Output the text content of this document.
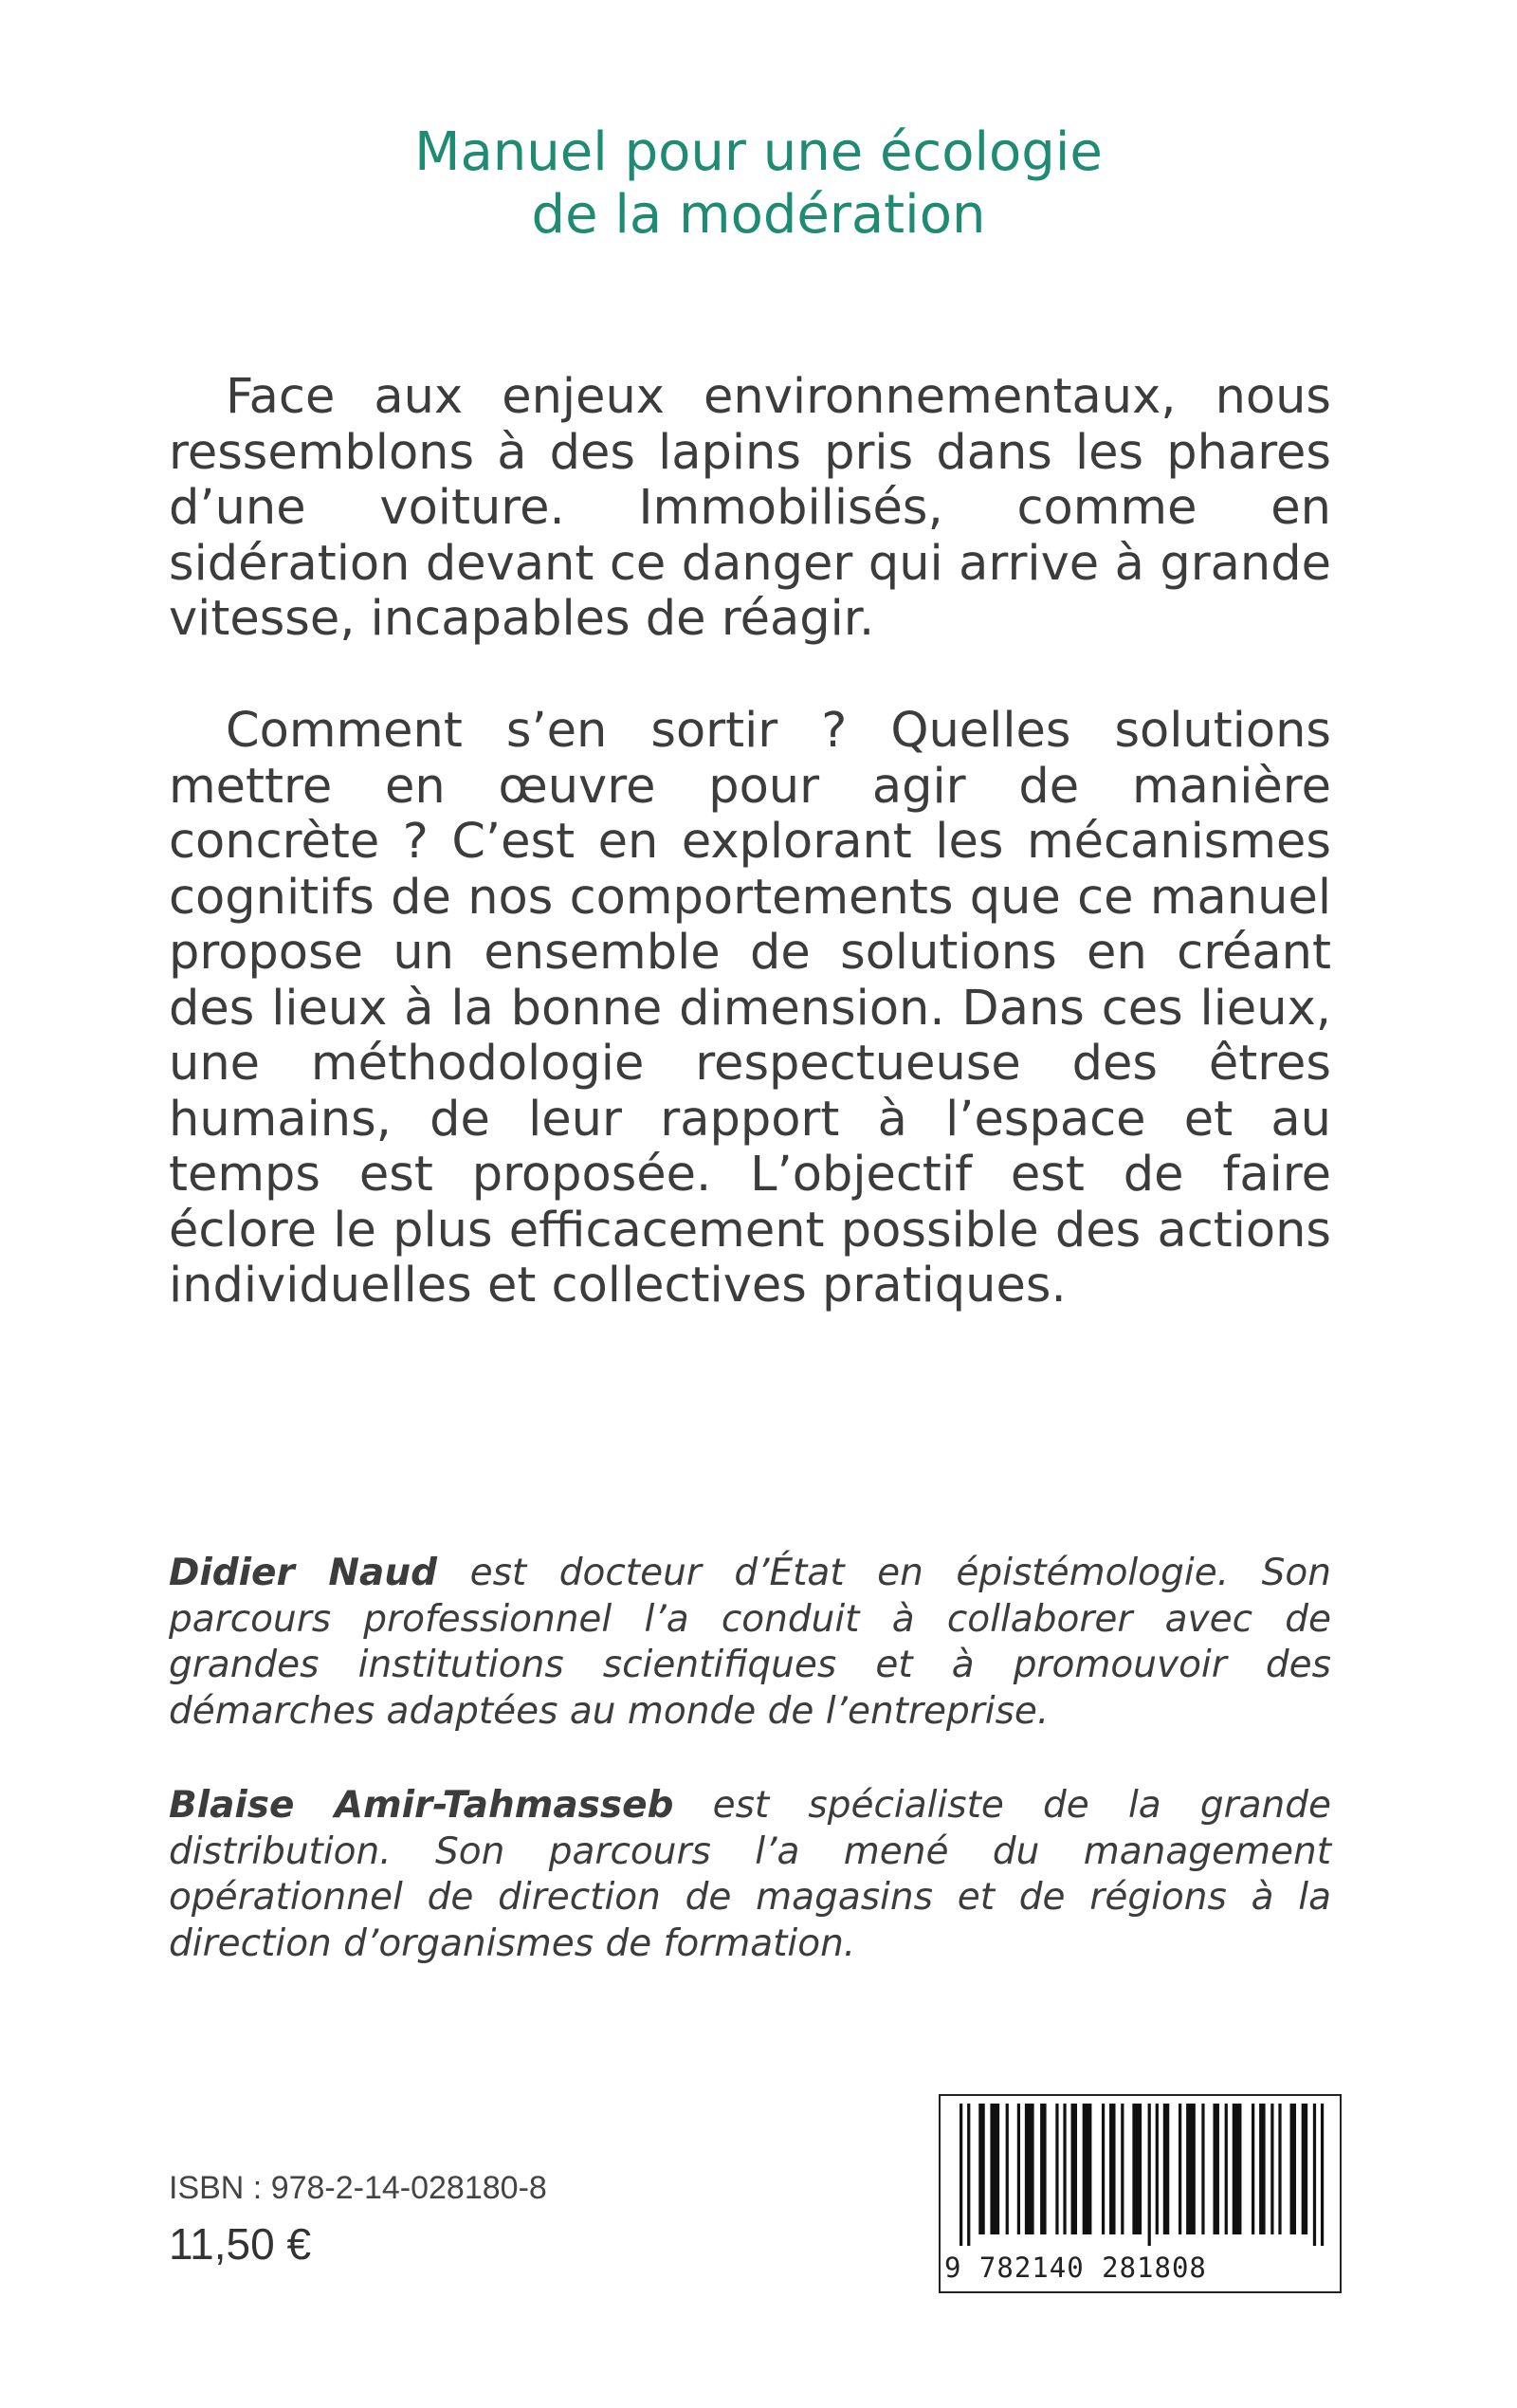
Manuel pour une écologie
de la modération

Face aux enjeux environnementaux, nous ressemblons à des lapins pris dans les phares d’une voiture. Immobilisés, comme en sidération devant ce danger qui arrive à grande vitesse, incapables de réagir.

Comment s’en sortir ? Quelles solutions mettre en œuvre pour agir de manière concrète ? C’est en explorant les mécanismes cognitifs de nos comportements que ce manuel propose un ensemble de solutions en créant des lieux à la bonne dimension. Dans ces lieux, une méthodologie respectueuse des êtres humains, de leur rapport à l’espace et au temps est proposée. L’objectif est de faire éclore le plus efficacement possible des actions individuelles et collectives pratiques.

Didier Naud est docteur d’État en épistémologie. Son parcours professionnel l’a conduit à collaborer avec de grandes institutions scientifiques et à promouvoir des démarches adaptées au monde de l’entreprise.

Blaise Amir-Tahmasseb est spécialiste de la grande distribution. Son parcours l’a mené du management opérationnel de direction de magasins et de régions à la direction d’organismes de formation.

ISBN : 978-2-14-028180-8
11,50 €	9 782140 281808
